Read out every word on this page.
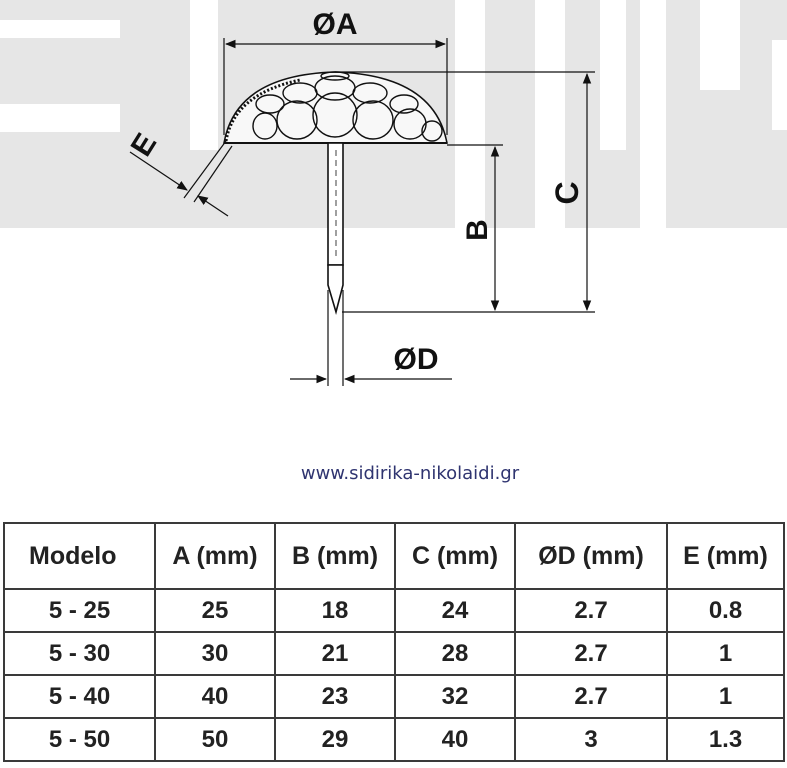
ØA
C
B
ØD
E
www.sidirika-nikolaidi.gr
Modelo	A (mm)	B (mm)	C (mm)	ØD (mm)	E (mm)
5 - 25	25	18	24	2.7	0.8
5 - 30	30	21	28	2.7	1
5 - 40	40	23	32	2.7	1
5 - 50	50	29	40	3	1.3
